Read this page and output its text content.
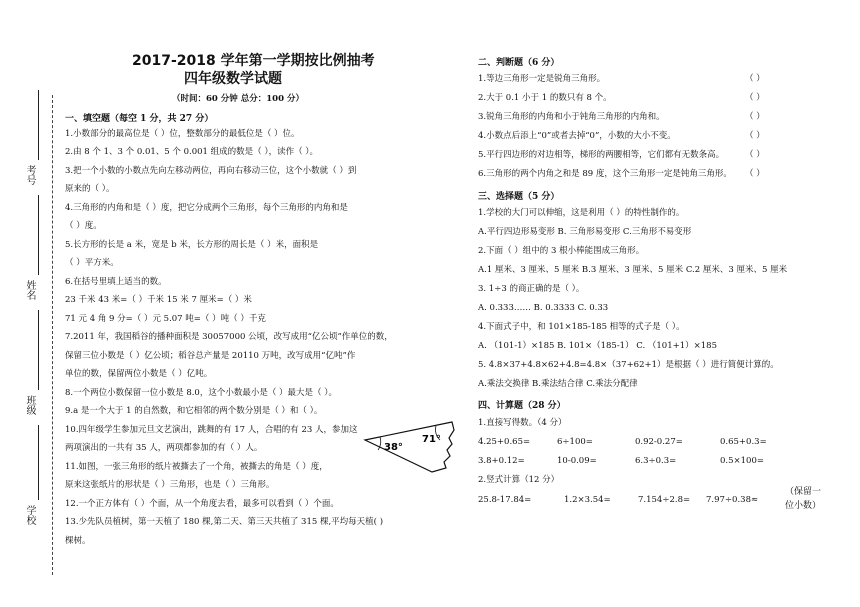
考号
姓名
班级
学校
2017-2018 学年第一学期按比例抽考
四年级数学试题
（时间：60 分钟 总分：100 分）
一、填空题（每空 1 分，共 27 分）
1.小数部分的最高位是（ ）位，整数部分的最低位是（ ）位。
2.由 8 个 1、3 个 0.01、5 个 0.001 组成的数是（ ），读作（ ）。
3.把一个小数的小数点先向左移动两位，再向右移动三位，这个小数就（ ）到
原来的（ ）。
4.三角形的内角和是（ ）度，把它分成两个三角形，每个三角形的内角和是
（ ）度。
5.长方形的长是 a 米，宽是 b 米，长方形的周长是（ ）米，面积是
（ ）平方米。
6.在括号里填上适当的数。
23 千米 43 米=（ ）千米 15 米 7 厘米=（ ）米
71 元 4 角 9 分=（ ）元 5.07 吨=（ ）吨（ ）千克
7.2011 年，我国稻谷的播种面积是 30057000 公顷，改写成用“亿公顷”作单位的数，
保留三位小数是（ ）亿公顷；稻谷总产量是 20110 万吨，改写成用“亿吨”作
单位的数，保留两位小数是（ ）亿吨。
8.一个两位小数保留一位小数是 8.0，这个小数最小是（ ）最大是（ ）。
9.a 是一个大于 1 的自然数，和它相邻的两个数分别是（ ）和（ ）。
10.四年级学生参加元旦文艺演出，跳舞的有 17 人，合唱的有 23 人，参加这
两项演出的一共有 35 人，两项都参加的有（ ）人。
11.如图，一张三角形的纸片被撕去了一个角，被撕去的角是（ ）度，
原来这张纸片的形状是（ ）三角形，也是（ ）三角形。
12.一个正方体有（ ）个面，从一个角度去看，最多可以看到（ ）个面。
13.少先队员植树，第一天植了 180 棵,第二天、第三天共植了 315 棵,平均每天植( )
棵树。
38°
71°
二、判断题（6 分）
1.等边三角形一定是锐角三角形。	（ ）
2.大于 0.1 小于 1 的数只有 8 个。	（ ）
3.锐角三角形的内角和小于钝角三角形的内角和。	（ ）
4.小数点后添上“0”或者去掉“0”，小数的大小不变。	（ ）
5.平行四边形的对边相等，梯形的两腰相等，它们都有无数条高。 （ ）
6.三角形的两个内角之和是 89 度，这个三角形一定是钝角三角形。 （ ）
三、选择题（5 分）
1.学校的大门可以伸缩，这是利用（ ）的特性制作的。
A.平行四边形易变形 B. 三角形易变形 C.三角形不易变形
2.下面（ ）组中的 3 根小棒能围成三角形。
A.1 厘米、3 厘米、5 厘米 B.3 厘米、3 厘米、5 厘米 C.2 厘米、3 厘米、5 厘米
3. 1÷3 的商正确的是（ ）。
A. 0.333…… B. 0.3333 C. 0.33
4.下面式子中，和 101×185-185 相等的式子是（ ）。
A. （101-1）×185 B. 101×（185-1） C. （101+1）×185
5. 4.8×37+4.8×62+4.8=4.8×（37+62+1）是根据（ ）进行简便计算的。
A.乘法交换律 B.乘法结合律 C.乘法分配律
四、计算题（28 分）
1.直接写得数。（4 分）
4.25+0.65=	6÷100=	0.92-0.27=	0.65+0.3=
3.8+0.12=	10-0.09=	6.3÷0.3=	0.5×100=
2.竖式计算（12 分）
25.8-17.84=	1.2×3.54=	7.154÷2.8= 7.97÷0.38≈
（保留一
位小数）
